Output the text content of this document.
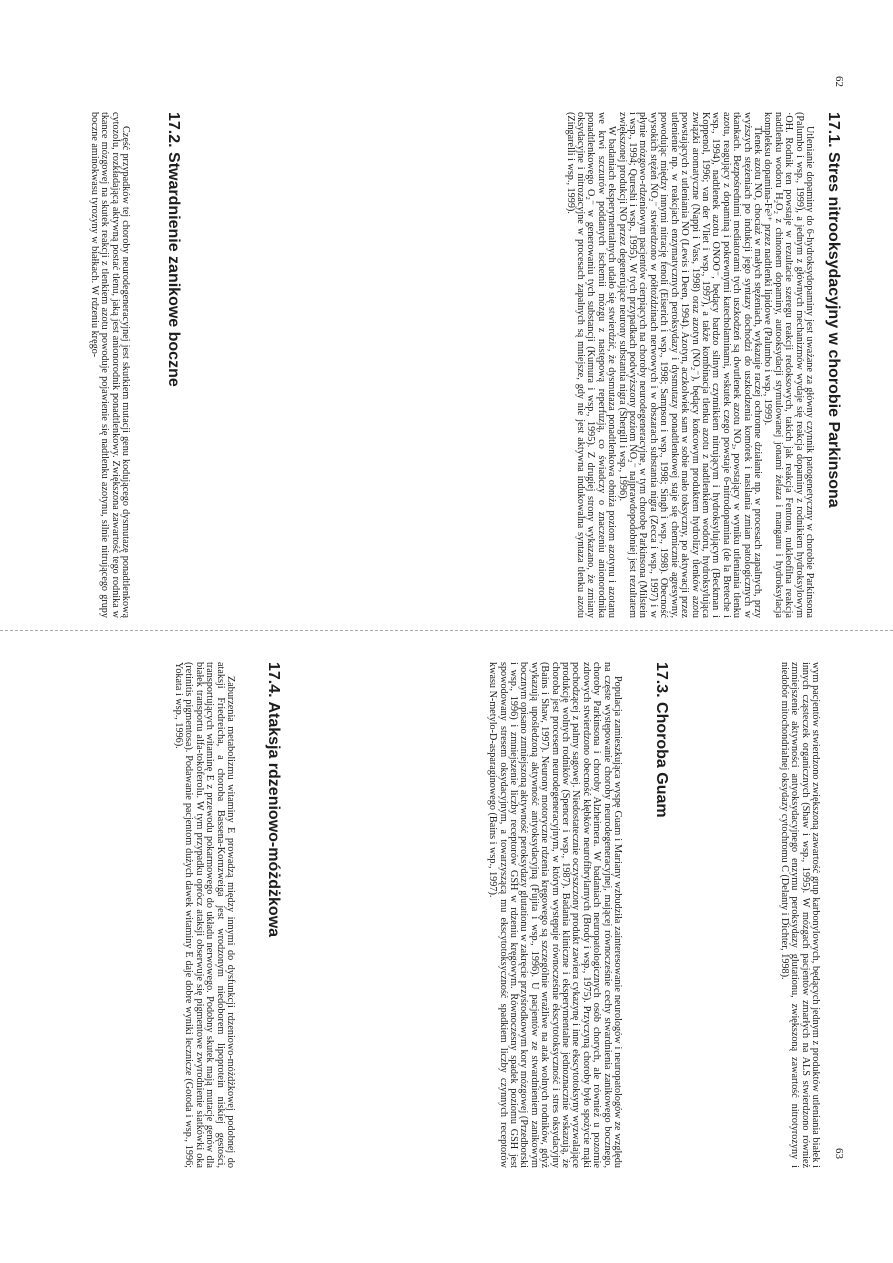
62
17.1. Stres nitrooksydacyjny w chorobie Parkinsona

Utlenianie dopaminy do 6-hydroksydopaminy jest uważane za główny czynnik patogenetyczny w chorobie Parkinsona (Palumbo i wsp., 1999), a jednym z głównych mechanizmów wydaje się reakcja dopaminy z rodnikiem hydroksylowym ·OH. Rodnik ten powstaje w rezultacie szeregu reakcji redoksowych, takich jak reakcja Fentona, nukleofilna reakcja nadtlenku wodoru H₂O₂ z chinonem dopaminy, autooksydacji stymulowanej jonami żelaza i manganu i hydroksylacja kompleksu dopamina-Fe³⁺ przez nadtlenki lipidowe (Palumbo i wsp., 1999).

Tlenek azotu NO, chociaż w małych stężeniach, wykazuje raczej ochronne działanie np. w procesach zapalnych, przy wyższych stężeniach po indukcji jego syntazy dochodzi do uszkodzenia komórek i nasilania zmian patologicznych w tkankach. Bezpośrednimi mediatorami tych uszkodzeń są dwutlenek azotu NO₂, powstający w wyniku utleniania tlenku azotu, reagujący z dopaminą i pokrewnymi katecholaminami, wskutek czego powstaje 6-nitrodopamina (de la Breteche i wsp., 1994), nadtlenek azotu ONOO⁻, będący bardzo silnym czynnikiem nitrującym i hydroksylującym (Beckman i Koppenol, 1996; van der Vliet i wsp., 1997), a także kombinacja tlenku azotu z nadtlenkiem wodoru, hydroksylująca związki aromatyczne (Nappi i Vass, 1998) oraz azotyn (NO₂⁻), będący końcowym produktem hydrolizy tlenków azotu powstających z utleniania NO (Lewis i Deen, 1994). Azotyn, aczkolwiek sam w sobie mało toksyczny, po aktywacji przez utlenienie np. w reakcjach enzymatycznych peroksydazy i dysmutazy ponadtlenkowej staje się chemicznie agresywny, powodując między innymi nitrację fenoli (Eiserich i wsp., 1998; Sampson i wsp., 1998; Singh i wsp., 1998). Obecność wysokich stężeń NO₂⁻ stwierdzono w półtoździnach nerwowych i w obszarach substantia nigra (Zecca i wsp., 1997) i w płynie mózgowo-rdzeniowym pacjentów cierpiących na choroby neurodegeneracyjne, w tym chorobę Parkinsona (Milstein i wsp., 1994; Qureshi i wsp., 1995). W tych przypadkach podwyższony poziom NO₂⁻ najprawdopodobniej jest rezultatem zwiększonej produkcji NO przez degenerujące neurony substantia nigra (Shergill i wsp., 1996).

W badaniach eksperymentalnych udało się stwierdzić, że dysmutaza ponadtlenkowa obniża poziom azotynu i azotanu we krwi szczurów poddanych ischemii mózgu z następową reperfuzją, co świadczy o znaczeniu anionorodnika ponadtlenkowego O₂⁻ w generowaniu tych substancji (Kumura i wsp., 1995). Z drugiej strony wykazano, że zmiany oksydacyjne i nitrozacyjne w procesach zapalnych są mniejsze, gdy nie jest aktywna indukowalna syntaza tlenku azotu (Zingarelli i wsp., 1999).

17.2. Stwardnienie zanikowe boczne

Część przypadków tej choroby neurodegeneracyjnej jest skutkiem mutacji genu kodującego dysmutazę ponadtlenkową cytozolu, rozkładającą aktywną postać tlenu, jaką jest anionorodnik ponadtlenkowy. Zwiększona zawartość tego rodnika w tkance mózgowej na skutek reakcji z tlenkiem azotu powoduje pojawienie się nadtlenku azotynu, silnie nitrującego grupy boczne aminokwasu tyrozyny w białkach. W rdzeniu kręgo-

63

wym pacjentów stwierdzono zwiększoną zawartość grup karbonylowych, będących jednym z produktów utleniania białek i innych cząsteczek organicznych (Shaw i wsp., 1995). W mózgach pacjentów zmarłych na ALS stwierdzono również zmniejszenie aktywności antyoksydacyjnego enzymu peroksydazy glutationu, zwiększoną zawartość nitrotyrozyny i niedobór mitochondrialnej oksydazy cytochromu C (Delanty i Dichter, 1998).

17.3. Choroba Guam

Populacja zamieszkująca wyspę Guam i Mariany wzbudziła zainteresowanie neurologów i neuropatologów ze względu na częste występowanie choroby neurodegeneracyjnej, mającej równocześnie cechy stwardnienia zanikowego bocznego, choroby Parkinsona i choroby Alzheimera. W badaniach neuropatologicznych osób chorych, ale również u pozornie zdrowych stwierdzono obecność kłębków neurofibrylarnych (Brody i wsp., 1975). Przyczyną choroby było spożycie mąki pochodzącej z palmy sagowej. Niedostatecznie oczyszczony produkt zawiera cykazynę i inne ekscytotoksyny wyzwalające produkcję wolnych rodników (Spencer i wsp., 1987). Badania kliniczne i eksperymentalne jednoznacznie wskazują, że choroba jest procesem neurodegeneracyjnym, w którym występuje równocześnie ekscytotoksyczność i stres oksydacyjny (Bains i Shaw, 1997). Neurony motoryczne rdzenia kręgowego są szczególnie wrażliwe na atak wolnych rodników, gdyż wykazują upośledzoną aktywność antyoksydacyjną (Fujita i wsp., 1996). U pacjentów ze stwardnieniem zanikowym bocznym opisano zmniejszoną aktywność peroksydazy glutationu w zakręcie przyśrodkowym kory mózgowej (Przedborski i wsp., 1996) i zmniejszenie liczby receptorów GSH w rdzeniu kręgowym. Równoczesny spadek poziomu GSH jest spowodowany stresem oksydacyjnym, a towarzyszącą mu ekscytotoksyczność spadkiem liczby czynnych receptorów kwasu N-metylo-D-asparaginowego (Bains i wsp., 1997).

17.4. Ataksja rdzeniowo-móżdżkowa

Zaburzenia metabolizmu witaminy E prowadzą między innymi do dysfunkcji rdzeniowo-móżdżkowej podobnej do ataksji Friedreicha, a choroba Bassena-Kornzweiga jest wrodzonym niedoborem lipoprotein niskiej gęstości, transportujących witaminę E z przewodu pokarmowego do układu nerwowego. Podobny skutek mają mutacje genów dla białek transportu alfa-tokoferolu. W tym przypadku oprócz ataksji obserwuje się pigmentowe zwyrodnienie siatkówki oka (retinitis pigmentosa). Podawanie pacjentom dużych dawek witaminy E daje dobre wyniki lecznicze (Gotoda i wsp., 1996; Yokata i wsp., 1996).
